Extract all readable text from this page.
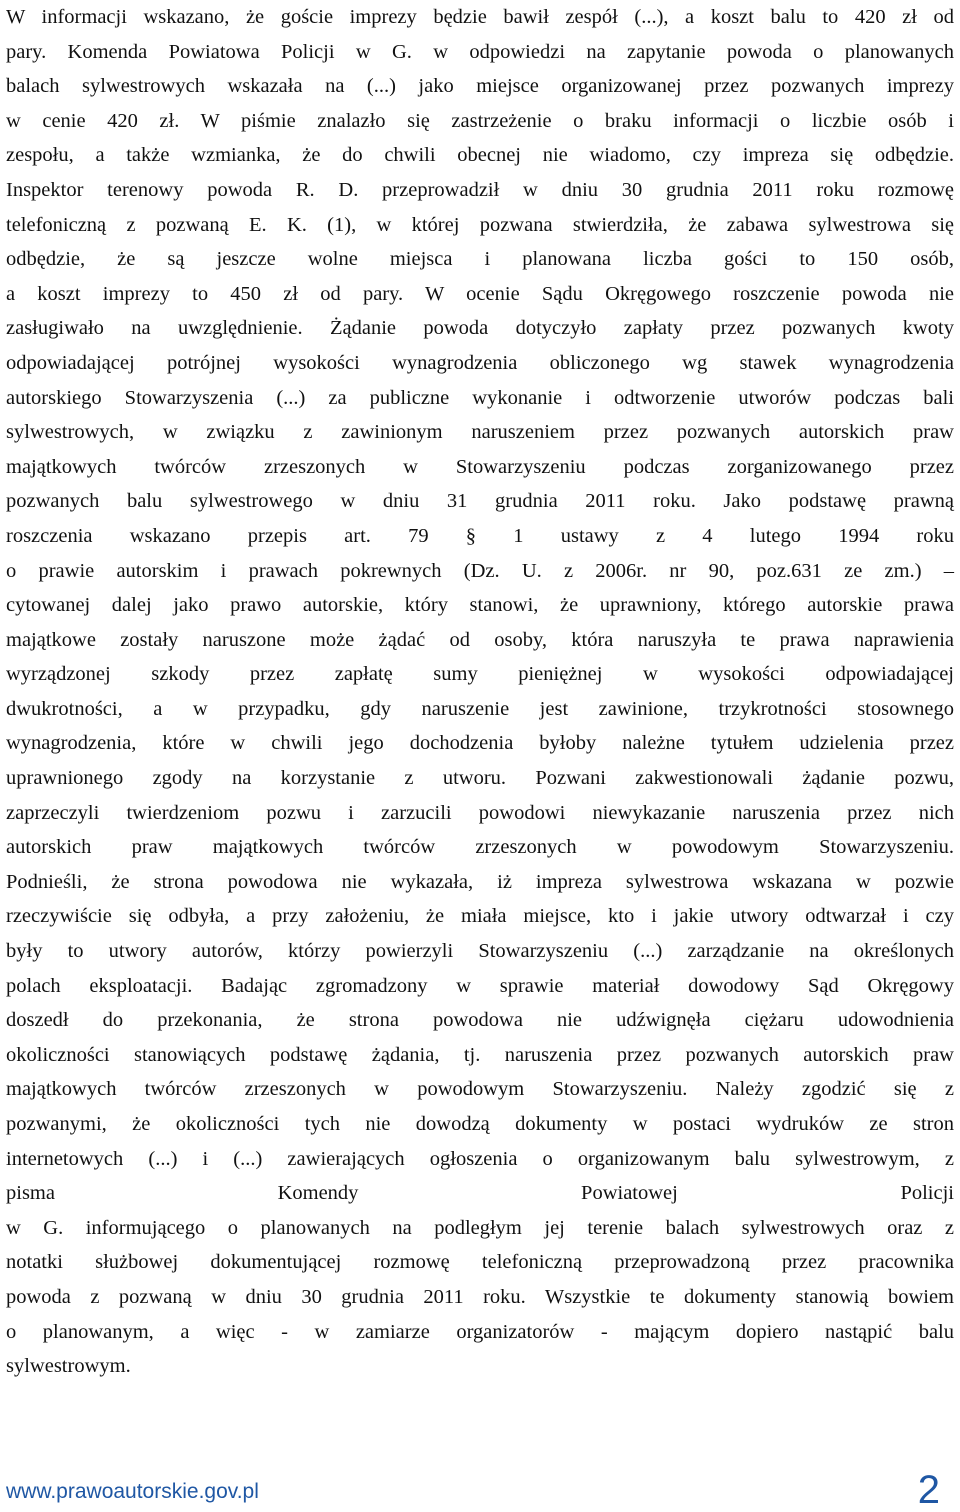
W informacji wskazano, że goście imprezy będzie bawił zespół (...), a koszt balu to 420 zł od
pary. Komenda Powiatowa Policji w G. w odpowiedzi na zapytanie powoda o planowanych
balach sylwestrowych wskazała na (...) jako miejsce organizowanej przez pozwanych imprezy
w cenie 420 zł. W piśmie znalazło się zastrzeżenie o braku informacji o liczbie osób i
zespołu, a także wzmianka, że do chwili obecnej nie wiadomo, czy impreza się odbędzie.
Inspektor terenowy powoda R. D. przeprowadził w dniu 30 grudnia 2011 roku rozmowę
telefoniczną z pozwaną E. K. (1), w której pozwana stwierdziła, że zabawa sylwestrowa się
odbędzie, że są jeszcze wolne miejsca i planowana liczba gości to 150 osób,
a koszt imprezy to 450 zł od pary. W ocenie Sądu Okręgowego roszczenie powoda nie
zasługiwało na uwzględnienie. Żądanie powoda dotyczyło zapłaty przez pozwanych kwoty
odpowiadającej potrójnej wysokości wynagrodzenia obliczonego wg stawek wynagrodzenia
autorskiego Stowarzyszenia (...) za publiczne wykonanie i odtworzenie utworów podczas bali
sylwestrowych, w związku z zawinionym naruszeniem przez pozwanych autorskich praw
majątkowych twórców zrzeszonych w Stowarzyszeniu podczas zorganizowanego przez
pozwanych balu sylwestrowego w dniu 31 grudnia 2011 roku. Jako podstawę prawną
roszczenia wskazano przepis art. 79 § 1 ustawy z 4 lutego 1994 roku
o prawie autorskim i prawach pokrewnych (Dz. U. z 2006r. nr 90, poz.631 ze zm.) –
cytowanej dalej jako prawo autorskie, który stanowi, że uprawniony, którego autorskie prawa
majątkowe zostały naruszone może żądać od osoby, która naruszyła te prawa naprawienia
wyrządzonej szkody przez zapłatę sumy pieniężnej w wysokości odpowiadającej
dwukrotności, a w przypadku, gdy naruszenie jest zawinione, trzykrotności stosownego
wynagrodzenia, które w chwili jego dochodzenia byłoby należne tytułem udzielenia przez
uprawnionego zgody na korzystanie z utworu. Pozwani zakwestionowali żądanie pozwu,
zaprzeczyli twierdzeniom pozwu i zarzucili powodowi niewykazanie naruszenia przez nich
autorskich praw majątkowych twórców zrzeszonych w powodowym Stowarzyszeniu.
Podnieśli, że strona powodowa nie wykazała, iż impreza sylwestrowa wskazana w pozwie
rzeczywiście się odbyła, a przy założeniu, że miała miejsce, kto i jakie utwory odtwarzał i czy
były to utwory autorów, którzy powierzyli Stowarzyszeniu (...) zarządzanie na określonych
polach eksploatacji. Badając zgromadzony w sprawie materiał dowodowy Sąd Okręgowy
doszedł do przekonania, że strona powodowa nie udźwignęła ciężaru udowodnienia
okoliczności stanowiących podstawę żądania, tj. naruszenia przez pozwanych autorskich praw
majątkowych twórców zrzeszonych w powodowym Stowarzyszeniu. Należy zgodzić się z
pozwanymi, że okoliczności tych nie dowodzą dokumenty w postaci wydruków ze stron
internetowych (...) i (...) zawierających ogłoszenia o organizowanym balu sylwestrowym, z
pisma Komendy Powiatowej Policji
w G. informującego o planowanych na podległym jej terenie balach sylwestrowych oraz z
notatki służbowej dokumentującej rozmowę telefoniczną przeprowadzoną przez pracownika
powoda z pozwaną w dniu 30 grudnia 2011 roku. Wszystkie te dokumenty stanowią bowiem
o planowanym, a więc - w zamiarze organizatorów - mającym dopiero nastąpić balu
sylwestrowym.
www.prawoautorskie.gov.pl	2
